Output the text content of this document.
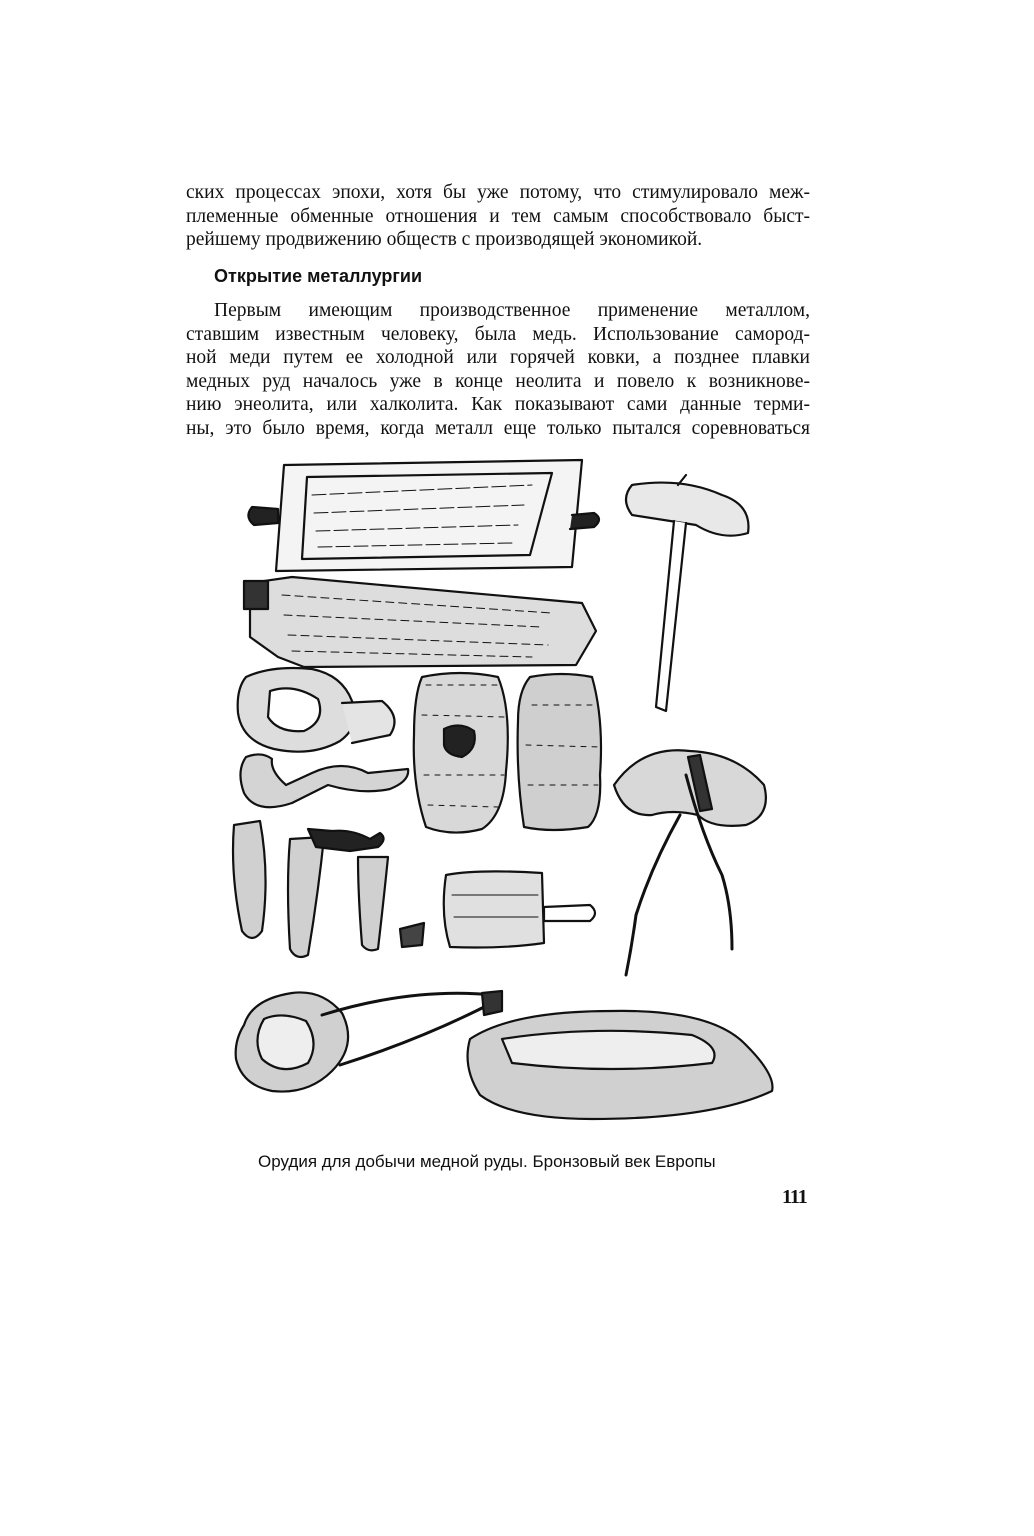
ских процессах эпохи, хотя бы уже потому, что стимулировало меж-
племенные обменные отношения и тем самым способствовало быст-
рейшему продвижению обществ с производящей экономикой.
Открытие металлургии
Первым имеющим производственное применение металлом,
ставшим известным человеку, была медь. Использование самород-
ной меди путем ее холодной или горячей ковки, а позднее плавки
медных руд началось уже в конце неолита и повело к возникнове-
нию энеолита, или халколита. Как показывают сами данные терми-
ны, это было время, когда металл еще только пытался соревноваться
Орудия для добычи медной руды. Бронзовый век Европы
111
